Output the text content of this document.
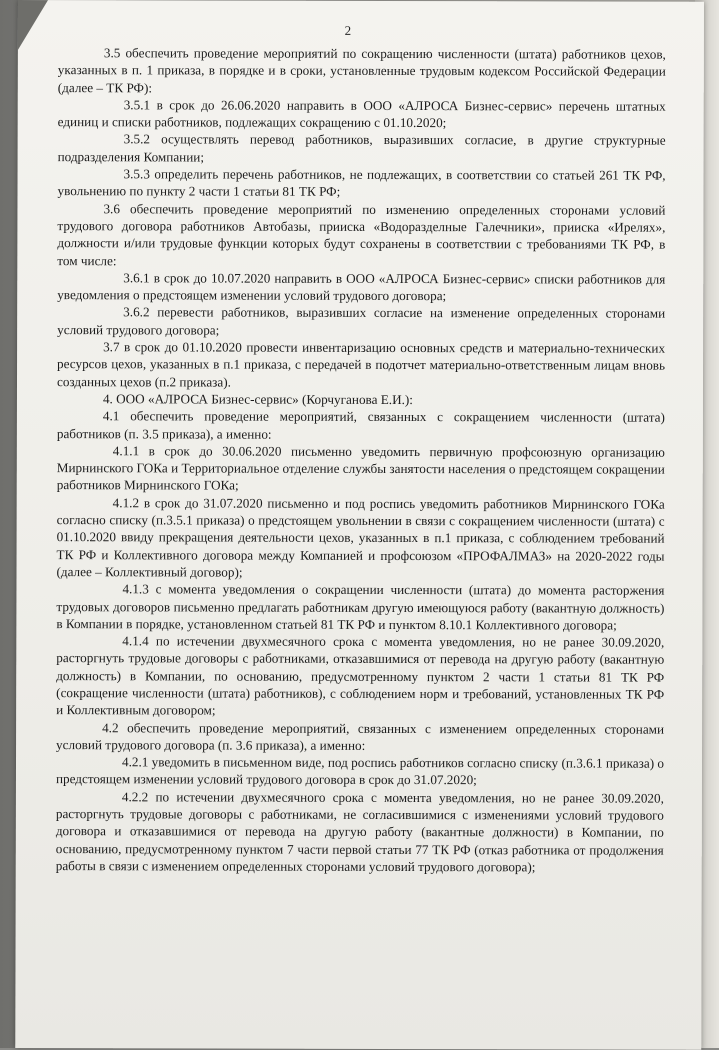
2

3.5 обеспечить проведение мероприятий по сокращению численности (штата) работников цехов, указанных в п. 1 приказа, в порядке и в сроки, установленные трудовым кодексом Российской Федерации (далее – ТК РФ):

3.5.1 в срок до 26.06.2020 направить в ООО «АЛРОСА Бизнес-сервис» перечень штатных единиц и списки работников, подлежащих сокращению с 01.10.2020;

3.5.2 осуществлять перевод работников, выразивших согласие, в другие структурные подразделения Компании;

3.5.3 определить перечень работников, не подлежащих, в соответствии со статьей 261 ТК РФ, увольнению по пункту 2 части 1 статьи 81 ТК РФ;

3.6 обеспечить проведение мероприятий по изменению определенных сторонами условий трудового договора работников Автобазы, прииска «Водоразделные Галечники», прииска «Ирелях», должности и/или трудовые функции которых будут сохранены в соответствии с требованиями ТК РФ, в том числе:

3.6.1 в срок до 10.07.2020 направить в ООО «АЛРОСА Бизнес-сервис» списки работников для уведомления о предстоящем изменении условий трудового договора;

3.6.2 перевести работников, выразивших согласие на изменение определенных сторонами условий трудового договора;

3.7 в срок до 01.10.2020 провести инвентаризацию основных средств и материально-технических ресурсов цехов, указанных в п.1 приказа, с передачей в подотчет материально-ответственным лицам вновь созданных цехов (п.2 приказа).

4. ООО «АЛРОСА Бизнес-сервис» (Корчуганова Е.И.):

4.1 обеспечить проведение мероприятий, связанных с сокращением численности (штата) работников (п. 3.5 приказа), а именно:

4.1.1 в срок до 30.06.2020 письменно уведомить первичную профсоюзную организацию Мирнинского ГОКа и Территориальное отделение службы занятости населения о предстоящем сокращении работников Мирнинского ГОКа;

4.1.2 в срок до 31.07.2020 письменно и под роспись уведомить работников Мирнинского ГОКа согласно списку (п.3.5.1 приказа) о предстоящем увольнении в связи с сокращением численности (штата) с 01.10.2020 ввиду прекращения деятельности цехов, указанных в п.1 приказа, с соблюдением требований ТК РФ и Коллективного договора между Компанией и профсоюзом «ПРОФАЛМАЗ» на 2020-2022 годы (далее – Коллективный договор);

4.1.3 с момента уведомления о сокращении численности (штата) до момента расторжения трудовых договоров письменно предлагать работникам другую имеющуюся работу (вакантную должность) в Компании в порядке, установленном статьей 81 ТК РФ и пунктом 8.10.1 Коллективного договора;

4.1.4 по истечении двухмесячного срока с момента уведомления, но не ранее 30.09.2020, расторгнуть трудовые договоры с работниками, отказавшимися от перевода на другую работу (вакантную должность) в Компании, по основанию, предусмотренному пунктом 2 части 1 статьи 81 ТК РФ (сокращение численности (штата) работников), с соблюдением норм и требований, установленных ТК РФ и Коллективным договором;

4.2 обеспечить проведение мероприятий, связанных с изменением определенных сторонами условий трудового договора (п. 3.6 приказа), а именно:

4.2.1 уведомить в письменном виде, под роспись работников согласно списку (п.3.6.1 приказа) о предстоящем изменении условий трудового договора в срок до 31.07.2020;

4.2.2 по истечении двухмесячного срока с момента уведомления, но не ранее 30.09.2020, расторгнуть трудовые договоры с работниками, не согласившимися с изменениями условий трудового договора и отказавшимися от перевода на другую работу (вакантные должности) в Компании, по основанию, предусмотренному пунктом 7 части первой статьи 77 ТК РФ (отказ работника от продолжения работы в связи с изменением определенных сторонами условий трудового договора);
